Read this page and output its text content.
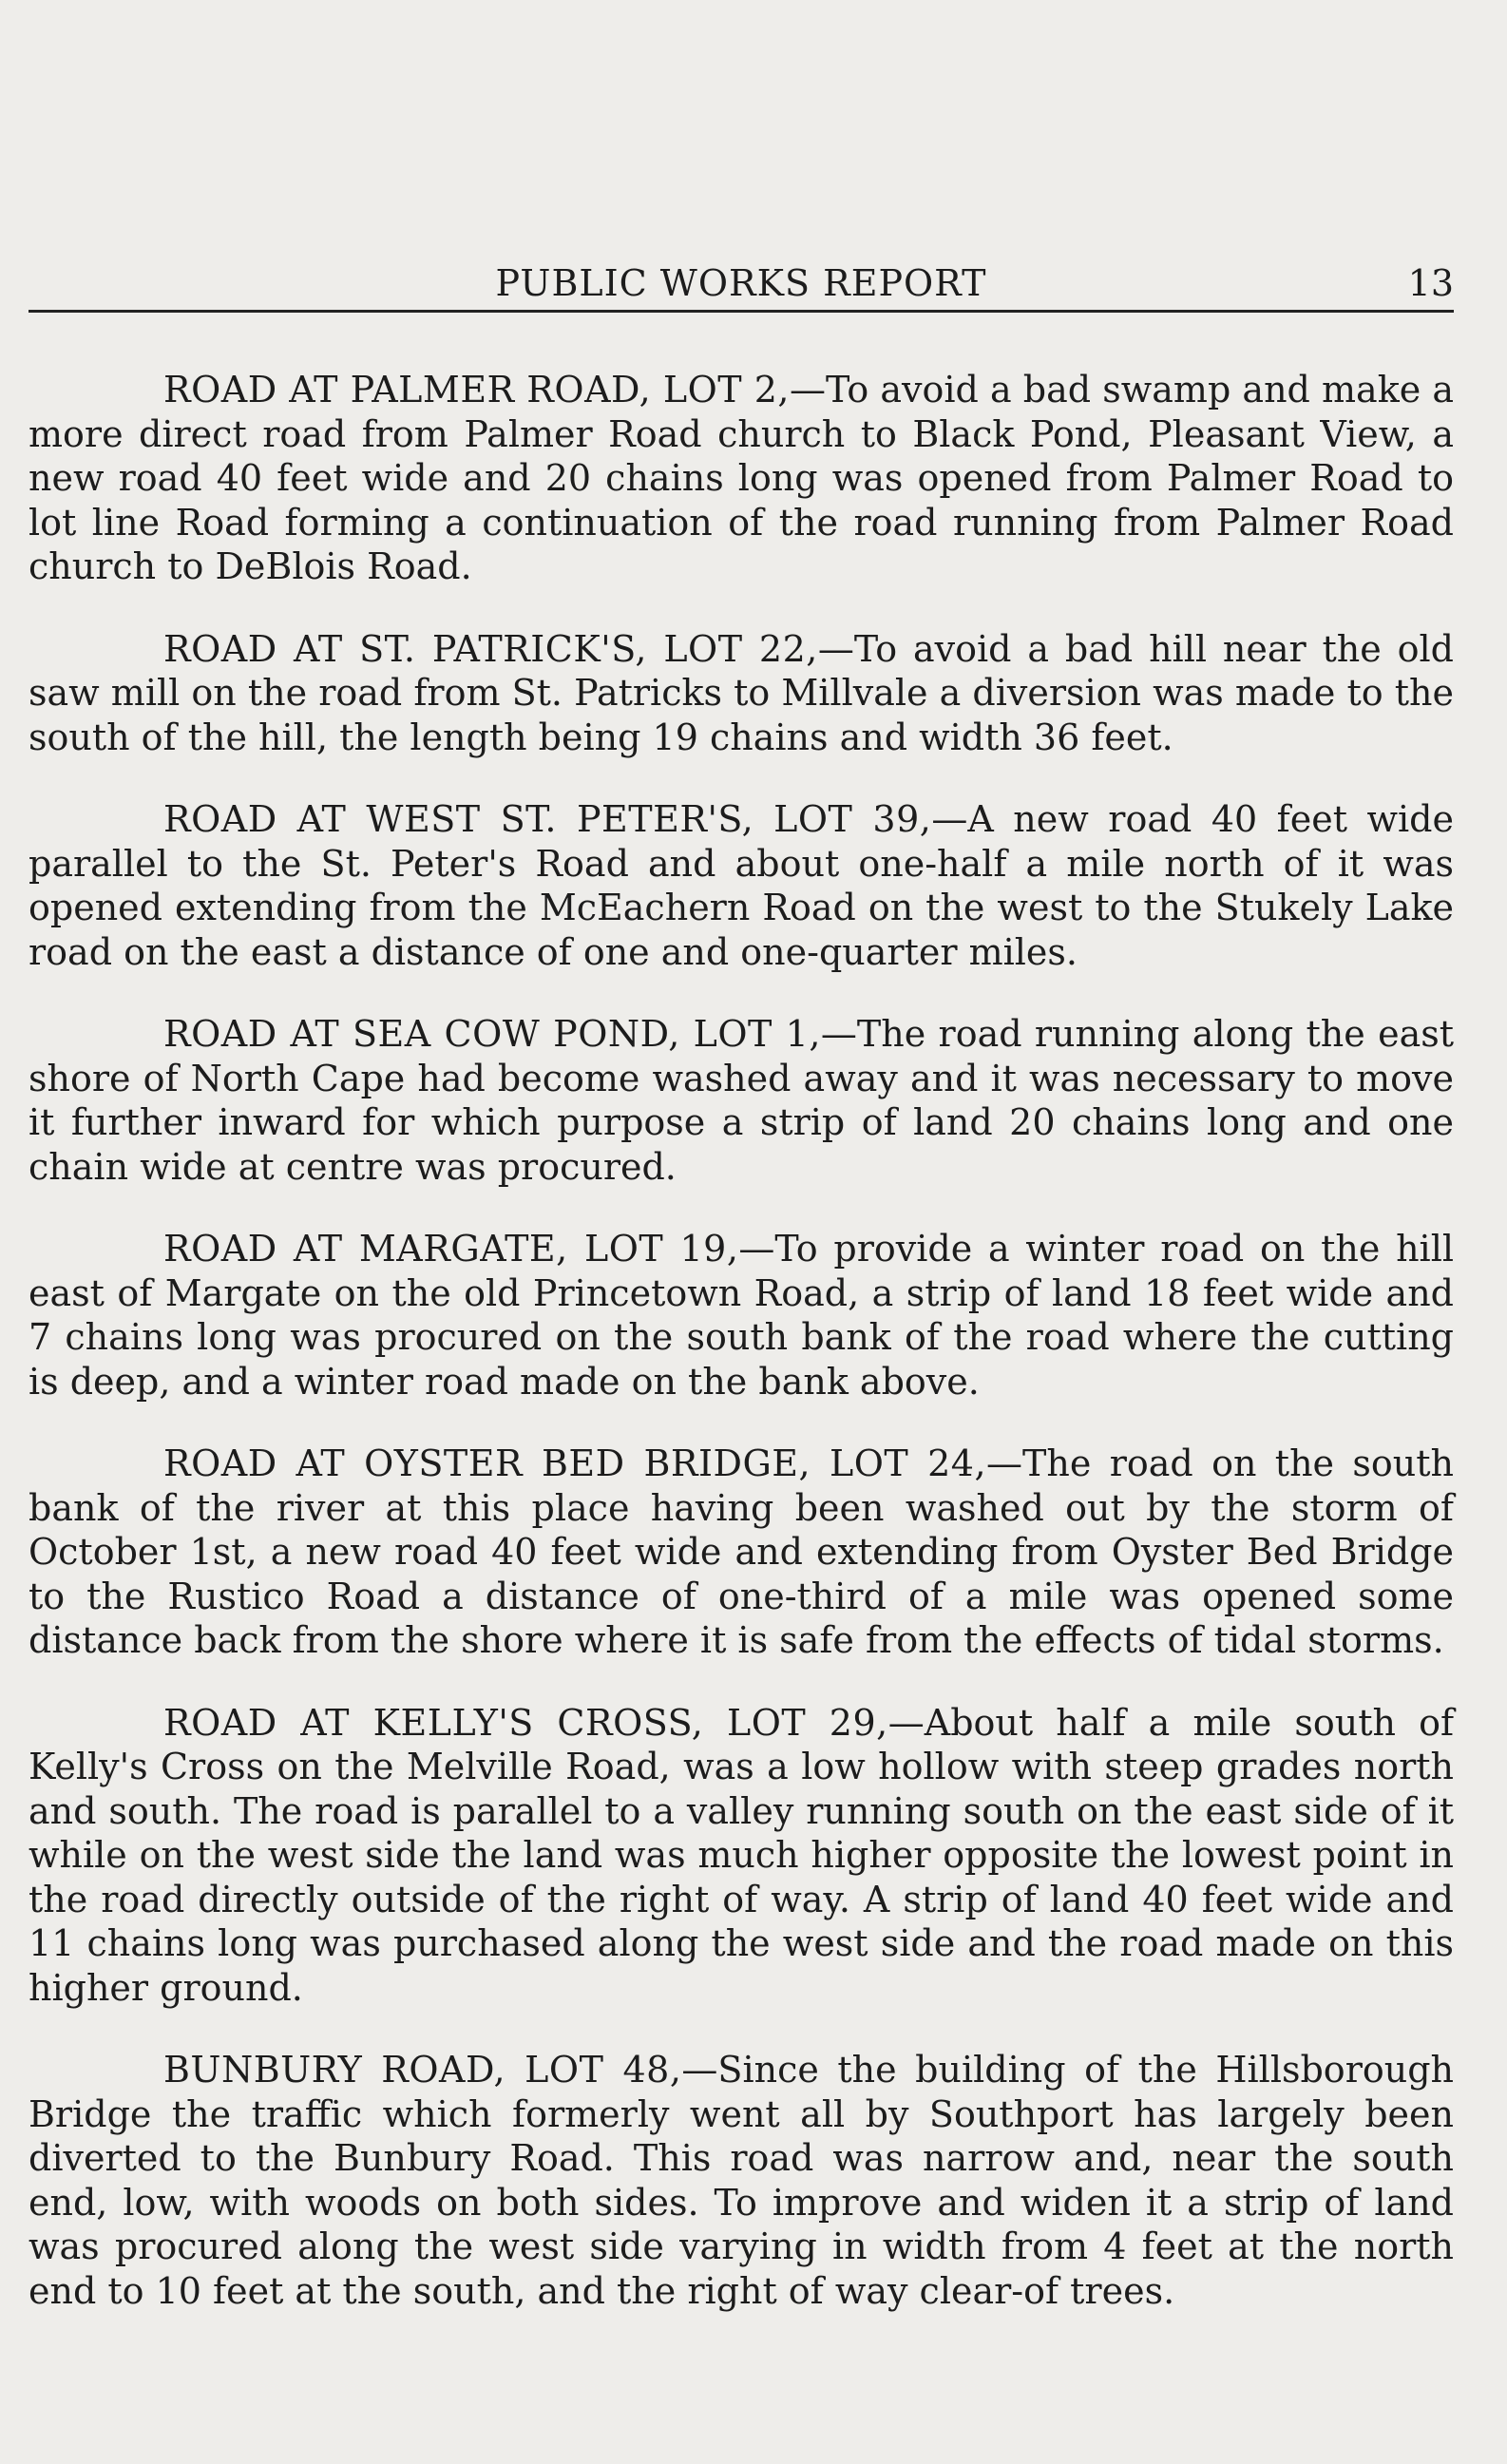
PUBLIC WORKS REPORT	13

ROAD AT PALMER ROAD, LOT 2,—To avoid a bad swamp and make a more direct road from Palmer Road church to Black Pond, Pleasant View, a new road 40 feet wide and 20 chains long was opened from Palmer Road to lot line Road forming a continuation of the road running from Palmer Road church to DeBlois Road.

ROAD AT ST. PATRICK'S, LOT 22,—To avoid a bad hill near the old saw mill on the road from St. Patricks to Millvale a diversion was made to the south of the hill, the length being 19 chains and width 36 feet.

ROAD AT WEST ST. PETER'S, LOT 39,—A new road 40 feet wide parallel to the St. Peter's Road and about one-half a mile north of it was opened extending from the McEachern Road on the west to the Stukely Lake road on the east a distance of one and one-quarter miles.

ROAD AT SEA COW POND, LOT 1,—The road running along the east shore of North Cape had become washed away and it was necessary to move it further inward for which purpose a strip of land 20 chains long and one chain wide at centre was procured.

ROAD AT MARGATE, LOT 19,—To provide a winter road on the hill east of Margate on the old Princetown Road, a strip of land 18 feet wide and 7 chains long was procured on the south bank of the road where the cutting is deep, and a winter road made on the bank above.

ROAD AT OYSTER BED BRIDGE, LOT 24,—The road on the south bank of the river at this place having been washed out by the storm of October 1st, a new road 40 feet wide and extending from Oyster Bed Bridge to the Rustico Road a distance of one-third of a mile was opened some distance back from the shore where it is safe from the effects of tidal storms.

ROAD AT KELLY'S CROSS, LOT 29,—About half a mile south of Kelly's Cross on the Melville Road, was a low hollow with steep grades north and south. The road is parallel to a valley running south on the east side of it while on the west side the land was much higher opposite the lowest point in the road directly outside of the right of way. A strip of land 40 feet wide and 11 chains long was purchased along the west side and the road made on this higher ground.

BUNBURY ROAD, LOT 48,—Since the building of the Hillsborough Bridge the traffic which formerly went all by Southport has largely been diverted to the Bunbury Road. This road was narrow and, near the south end, low, with woods on both sides. To improve and widen it a strip of land was procured along the west side varying in width from 4 feet at the north end to 10 feet at the south, and the right of way clear-of trees.
